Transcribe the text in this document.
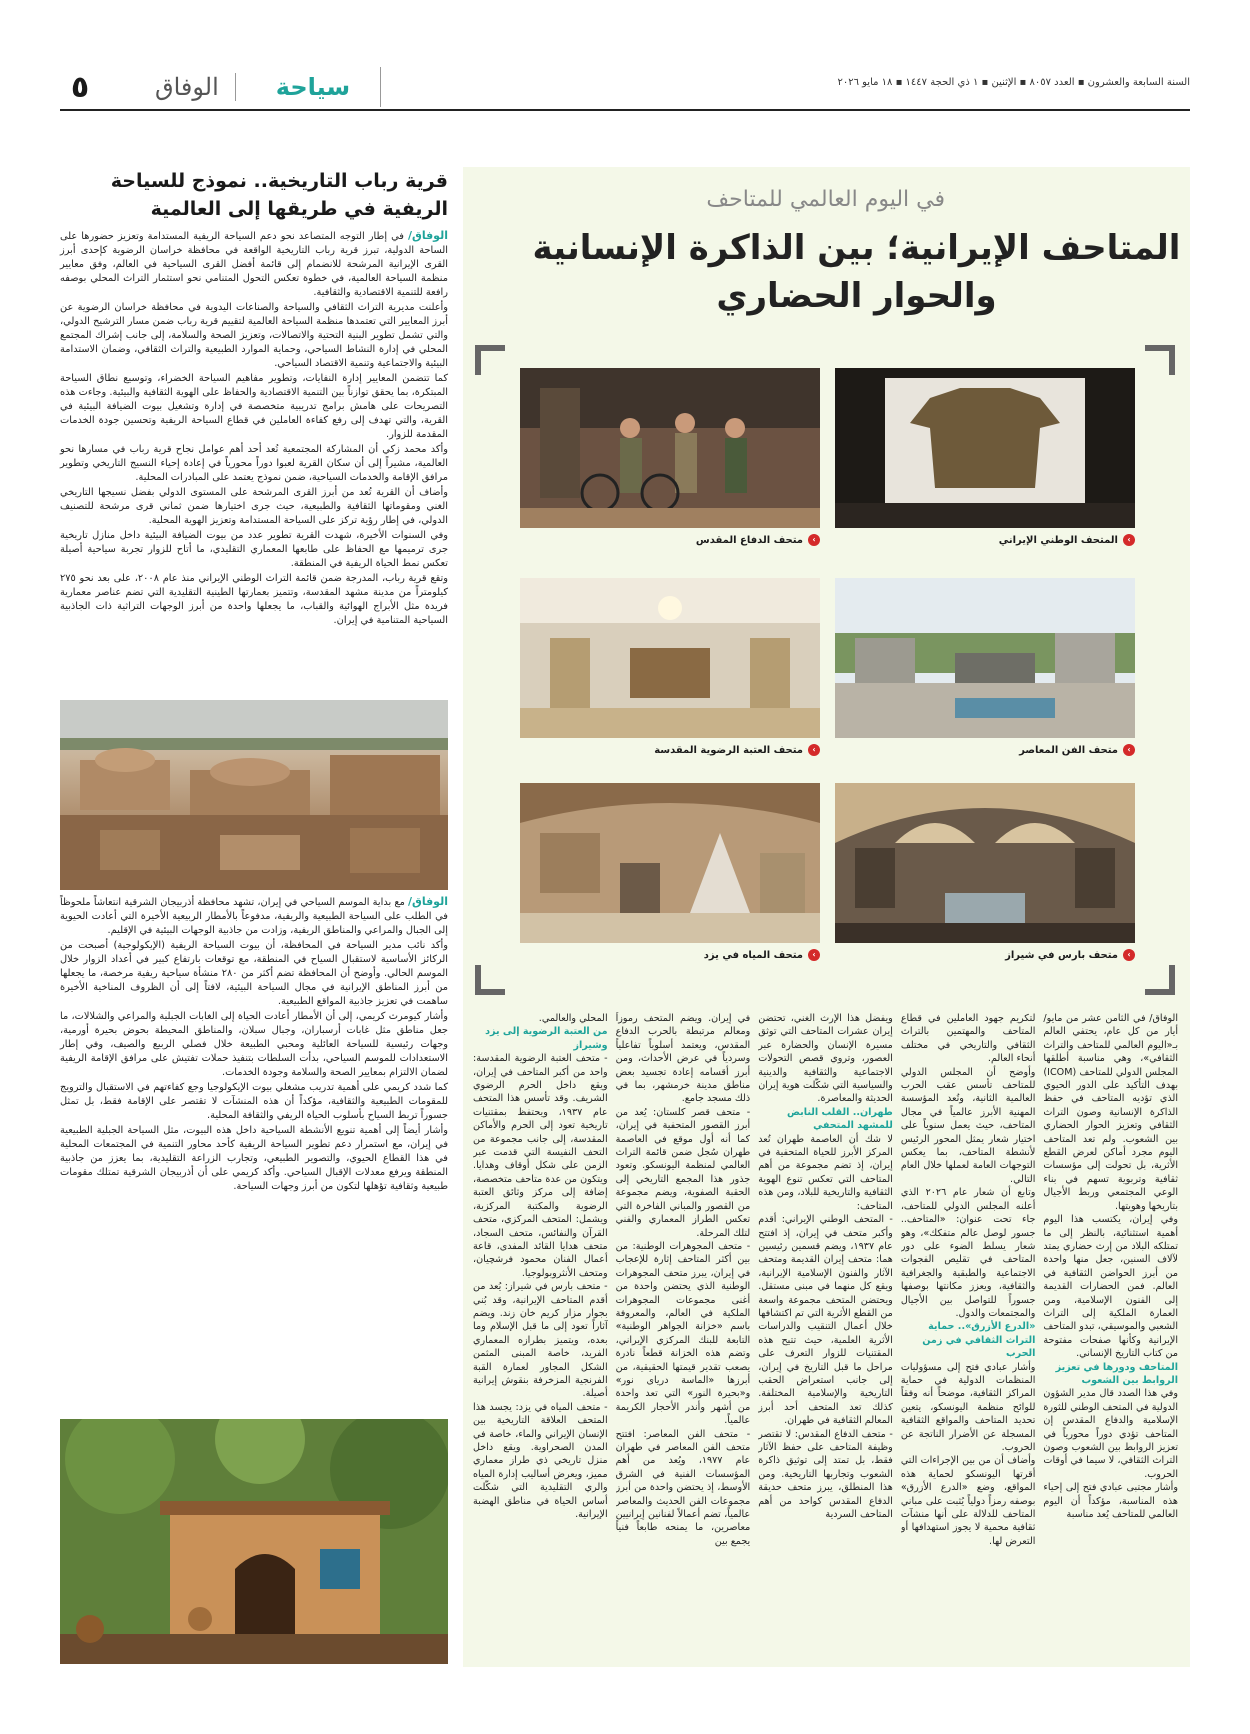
٥	الوفاق	سياحة	السنة السابعة والعشرون ▪ العدد ٨٠٥٧ ▪ الإثنين ▪ ١ ذي الحجة ١٤٤٧ ▪ ١٨ مايو ٢٠٢٦
قرية رباب التاريخية.. نموذج للسياحة الريفية في طريقها إلى العالمية

الوفاق/ في إطار التوجه المتصاعد نحو دعم السياحة الريفية المستدامة وتعزيز حضورها على الساحة الدولية، تبرز قرية رباب التاريخية الواقعة في محافظة خراسان الرضوية كإحدى أبرز القرى الإيرانية المرشحة للانضمام إلى قائمة أفضل القرى السياحية في العالم، وفق معايير منظمة السياحة العالمية، في خطوة تعكس التحول المتنامي نحو استثمار التراث المحلي بوصفه رافعة للتنمية الاقتصادية والثقافية.

وأعلنت مديرية التراث الثقافي والسياحة والصناعات اليدوية في محافظة خراسان الرضوية عن أبرز المعايير التي تعتمدها منظمة السياحة العالمية لتقييم قرية رباب ضمن مسار الترشيح الدولي، والتي تشمل تطوير البنية التحتية والاتصالات، وتعزيز الصحة والسلامة، إلى جانب إشراك المجتمع المحلي في إدارة النشاط السياحي، وحماية الموارد الطبيعية والتراث الثقافي، وضمان الاستدامة البيئية والاجتماعية وتنمية الاقتصاد السياحي.

كما تتضمن المعايير إدارة النفايات، وتطوير مفاهيم السياحة الخضراء، وتوسيع نطاق السياحة المبتكرة، بما يحقق توازناً بين التنمية الاقتصادية والحفاظ على الهوية الثقافية والبيئية. وجاءت هذه التصريحات على هامش برامج تدريبية متخصصة في إدارة وتشغيل بيوت الضيافة البيئية في القرية، والتي تهدف إلى رفع كفاءة العاملين في قطاع السياحة الريفية وتحسين جودة الخدمات المقدمة للزوار.

وأكد محمد زكي أن المشاركة المجتمعية تُعد أحد أهم عوامل نجاح قرية رباب في مسارها نحو العالمية، مشيراً إلى أن سكان القرية لعبوا دوراً محورياً في إعادة إحياء النسيج التاريخي وتطوير مرافق الإقامة والخدمات السياحية، ضمن نموذج يعتمد على المبادرات المحلية.

وأضاف أن القرية تُعد من أبرز القرى المرشحة على المستوى الدولي بفضل نسيجها التاريخي الغني ومقوماتها الثقافية والطبيعية، حيث جرى اختيارها ضمن ثماني قرى مرشحة للتصنيف الدولي، في إطار رؤية تركز على السياحة المستدامة وتعزيز الهوية المحلية.

وفي السنوات الأخيرة، شهدت القرية تطوير عدد من بيوت الضيافة البيئية داخل منازل تاريخية جرى ترميمها مع الحفاظ على طابعها المعماري التقليدي، ما أتاح للزوار تجربة سياحية أصيلة تعكس نمط الحياة الريفية في المنطقة.

وتقع قرية رباب، المدرجة ضمن قائمة التراث الوطني الإيراني منذ عام ٢٠٠٨، على بعد نحو ٢٧٥ كيلومتراً من مدينة مشهد المقدسة، وتتميز بعمارتها الطينية التقليدية التي تضم عناصر معمارية فريدة مثل الأبراج الهوائية والقباب، ما يجعلها واحدة من أبرز الوجهات التراثية ذات الجاذبية السياحية المتنامية في إيران.

الوفاق/ مع بداية الموسم السياحي في إيران، تشهد محافظة أذربيجان الشرقية انتعاشاً ملحوظاً في الطلب على السياحة الطبيعية والريفية، مدفوعاً بالأمطار الربيعية الأخيرة التي أعادت الحيوية إلى الجبال والمراعي والمناطق الريفية، وزادت من جاذبية الوجهات البيئية في الإقليم.

وأكد نائب مدير السياحة في المحافظة، أن بيوت السياحة الريفية (الإيكولوجية) أصبحت من الركائز الأساسية لاستقبال السياح في المنطقة، مع توقعات بارتفاع كبير في أعداد الزوار خلال الموسم الحالي. وأوضح أن المحافظة تضم أكثر من ٢٨٠ منشأة سياحية ريفية مرخصة، ما يجعلها من أبرز المناطق الإيرانية في مجال السياحة البيئية، لافتاً إلى أن الظروف المناخية الأخيرة ساهمت في تعزيز جاذبية المواقع الطبيعية.

وأشار كيومرث كريمي، إلى أن الأمطار أعادت الحياة إلى الغابات الجبلية والمراعي والشلالات، ما جعل مناطق مثل غابات أرسباران، وجبال سبلان، والمناطق المحيطة بحوض بحيرة أورمية، وجهات رئيسية للسياحة العائلية ومحبي الطبيعة خلال فصلي الربيع والصيف، وفي إطار الاستعدادات للموسم السياحي، بدأت السلطات بتنفيذ حملات تفتيش على مرافق الإقامة الريفية لضمان الالتزام بمعايير الصحة والسلامة وجودة الخدمات.

كما شدد كريمي على أهمية تدريب مشغلي بيوت الإيكولوجيا وجع كفاءتهم في الاستقبال والترويج للمقومات الطبيعية والثقافية، مؤكداً أن هذه المنشآت لا تقتصر على الإقامة فقط، بل تمثل جسوراً تربط السياح بأسلوب الحياة الريفي والثقافة المحلية.

وأشار أيضاً إلى أهمية تنويع الأنشطة السياحية داخل هذه البيوت، مثل السياحة الجبلية الطبيعية في إيران، مع استمرار دعم تطوير السياحة الريفية كأحد محاور التنمية في المجتمعات المحلية في هذا القطاع الحيوي، والتصوير الطبيعي، وتجارب الزراعة التقليدية، بما يعزز من جاذبية المنطقة ويرفع معدلات الإقبال السياحي. وأكد كريمي على أن أذربيجان الشرقية تمتلك مقومات طبيعية وثقافية تؤهلها لتكون من أبرز وجهات السياحة.

في اليوم العالمي للمتاحف
المتاحف الإيرانية؛ بين الذاكرة الإنسانية والحوار الحضاري
›
المتحف الوطني الإيراني
›
متحف الدفاع المقدس
›
متحف الفن المعاصر
›
متحف العتبة الرضوية المقدسة
›
متحف بارس في شيراز
›
متحف المياه في يزد

الوفاق/ في الثامن عشر من مايو/أيار من كل عام، يحتفي العالم بـ«اليوم العالمي للمتاحف والتراث الثقافي»، وهي مناسبة أطلقها المجلس الدولي للمتاحف (ICOM) بهدف التأكيد على الدور الحيوي الذي تؤديه المتاحف في حفظ الذاكرة الإنسانية وصون التراث الثقافي وتعزيز الحوار الحضاري بين الشعوب. ولم تعد المتاحف اليوم مجرد أماكن لعرض القطع الأثرية، بل تحولت إلى مؤسسات ثقافية وتربوية تسهم في بناء الوعي المجتمعي وربط الأجيال بتاريخها وهويتها.

وفي إيران، يكتسب هذا اليوم أهمية استثنائية، بالنظر إلى ما تمتلكه البلاد من إرث حضاري يمتد لآلاف السنين، جعل منها واحدة من أبرز الحواضن الثقافية في العالم. فمن الحضارات القديمة إلى الفنون الإسلامية، ومن العمارة الملكية إلى التراث الشعبي والموسيقي، تبدو المتاحف الإيرانية وكأنها صفحات مفتوحة من كتاب التاريخ الإنساني.

المتاحف ودورها في تعزيز الروابط بين الشعوب

وفي هذا الصدد قال مدير الشؤون الدولية في المتحف الوطني للثورة الإسلامية والدفاع المقدس إن المتاحف تؤدي دوراً محورياً في تعزيز الروابط بين الشعوب وصون التراث الثقافي، لا سيما في أوقات الحروب.

وأشار مجتبى عبادي فتح إلى إحياء هذه المناسبة، مؤكداً أن اليوم العالمي للمتاحف يُعد مناسبة

لتكريم جهود العاملين في قطاع المتاحف والمهتمين بالتراث الثقافي والتاريخي في مختلف أنحاء العالم.

وأوضح أن المجلس الدولي للمتاحف تأسس عقب الحرب العالمية الثانية، وتُعد المؤسسة المهنية الأبرز عالمياً في مجال المتاحف، حيث يعمل سنوياً على اختيار شعار يمثل المحور الرئيس لأنشطة المتاحف، بما يعكس التوجهات العامة لعملها خلال العام التالي.

وتابع أن شعار عام ٢٠٢٦ الذي أعلنه المجلس الدولي للمتاحف، جاء تحت عنوان: «المتاحف.. جسور لوصل عالم متفكك»، وهو شعار يسلط الضوء على دور المتاحف في تقليص الفجوات الاجتماعية والطبقية والجغرافية والثقافية، ويعزز مكانتها بوصفها جسوراً للتواصل بين الأجيال والمجتمعات والدول.

«الدرع الأزرق».. حماية التراث الثقافي في زمن الحرب

وأشار عبادي فتح إلى مسؤوليات المنظمات الدولية في حماية المراكز الثقافية، موضحاً أنه وفقاً للوائح منظمة اليونسكو، يتعين تحديد المتاحف والمواقع الثقافية المسجلة عن الأضرار الناتجة عن الحروب.

وأضاف أن من بين الإجراءات التي أقرتها اليونسكو لحماية هذه المواقع، وضع «الدرع الأزرق» بوصفه رمزاً دولياً يُثبت على مباني المتاحف للدلالة على أنها منشآت ثقافية محمية لا يجوز استهدافها أو التعرض لها.

ويفضل هذا الإرث الغني، تحتضن إيران عشرات المتاحف التي توثق مسيرة الإنسان والحضارة عبر العصور، وتروي قصص التحولات الاجتماعية والثقافية والدينية والسياسية التي شكّلت هوية إيران الحديثة والمعاصرة.

طهران.. القلب النابض للمشهد المتحفي

لا شك أن العاصمة طهران تُعد المركز الأبرز للحياة المتحفية في إيران، إذ تضم مجموعة من أهم المتاحف التي تعكس تنوع الهوية الثقافية والتاريخية للبلاد، ومن هذه المتاحف:

- المتحف الوطني الإيراني: أقدم وأكبر متحف في إيران، إذ افتتح عام ١٩٣٧، ويضم قسمين رئيسين هما: متحف إيران القديمة ومتحف الآثار والفنون الإسلامية الإيرانية، ويقع كل منهما في مبنى مستقل. ويحتضن المتحف مجموعة واسعة من القطع الأثرية التي تم اكتشافها خلال أعمال التنقيب والدراسات الأثرية العلمية، حيث تتيح هذه المقتنيات للزوار التعرف على مراحل ما قبل التاريخ في إيران، إلى جانب استعراض الحقب التاريخية والإسلامية المختلفة. كذلك تعد المتحف أحد أبرز المعالم الثقافية في طهران.

- متحف الدفاع المقدس: لا تقتصر وظيفة المتاحف على حفظ الآثار فقط، بل تمتد إلى توثيق ذاكرة الشعوب وتجاربها التاريخية. ومن هذا المنطلق، يبرز متحف حديقة الدفاع المقدس كواحد من أهم المتاحف السردية

في إيران. ويضم المتحف رموزاً ومعالم مرتبطة بالحرب الدفاع المقدس، ويعتمد أسلوباً تفاعلياً وسردياً في عرض الأحداث، ومن أبرز أقسامه إعادة تجسيد بعض مناطق مدينة خرمشهر، بما في ذلك مسجد جامع.

- متحف قصر كلستان: يُعد من أبرز القصور المتحفية في إيران، كما أنه أول موقع في العاصمة طهران سُجل ضمن قائمة التراث العالمي لمنظمة اليونسكو. وتعود جذور هذا المجمع التاريخي إلى الحقبة الصفوية، ويضم مجموعة من القصور والمباني الفاخرة التي تعكس الطراز المعماري والفني لتلك المرحلة.

- متحف المجوهرات الوطنية: من بين أكثر المتاحف إثارة للإعجاب في إيران، يبرز متحف المجوهرات الوطنية الذي يحتضن واحدة من أغنى مجموعات المجوهرات الملكية في العالم، والمعروفة باسم «خزانة الجواهر الوطنية» التابعة للبنك المركزي الإيراني، وتضم هذه الخزانة قطعاً نادرة يصعب تقدير قيمتها الحقيقية، من أبرزها «الماسة دريای نور» و«بحيرة النور» التي تعد واحدة من أشهر وأندر الأحجار الكريمة عالمياً.

- متحف الفن المعاصر: افتتح متحف الفن المعاصر في طهران عام ١٩٧٧، ويُعد من أهم المؤسسات الفنية في الشرق الأوسط، إذ يحتضن واحدة من أبرز مجموعات الفن الحديث والمعاصر عالمياً، تضم أعمالاً لفنانين إيرانيين معاصرين، ما يمنحه طابعاً فنياً يجمع بين

المحلي والعالمي.

من العتبة الرضوية إلى يزد وشيراز

- متحف العتبة الرضوية المقدسة: واحد من أكبر المتاحف في إيران، ويقع داخل الحرم الرضوي الشريف. وقد تأسس هذا المتحف عام ١٩٣٧، ويحتفظ بمقتنيات تاريخية تعود إلى الحرم والأماكن المقدسة، إلى جانب مجموعة من التحف النفيسة التي قدمت عبر الزمن على شكل أوقاف وهدايا. ويتكون من عدة متاحف متخصصة، إضافة إلى مركز وثائق العتبة الرضوية والمكتبة المركزية، ويشمل: المتحف المركزي، متحف القرآن والنفائس، متحف السجاد، متحف هدايا القائد المفدى، قاعة أعمال الفنان محمود فرشچيان، ومتحف الأنثروبولوجيا.

- متحف بارس في شيراز: يُعد من أقدم المتاحف الإيرانية، وقد بُني بجوار مزار كريم خان زند. ويضم آثاراً تعود إلى ما قبل الإسلام وما بعده، ويتميز بطرازه المعماري الفريد، خاصة المبنى المثمن الشكل المجاور لعمارة القبة الفرنجية المزخرفة بنقوش إيرانية أصيلة.

- متحف المياه في يزد: يجسد هذا المتحف العلاقة التاريخية بين الإنسان الإيراني والماء، خاصة في المدن الصحراوية. ويقع داخل منزل تاريخي ذي طراز معماري مميز، ويعرض أساليب إدارة المياه والري التقليدية التي شكّلت أساس الحياة في مناطق الهضبة الإيرانية.
